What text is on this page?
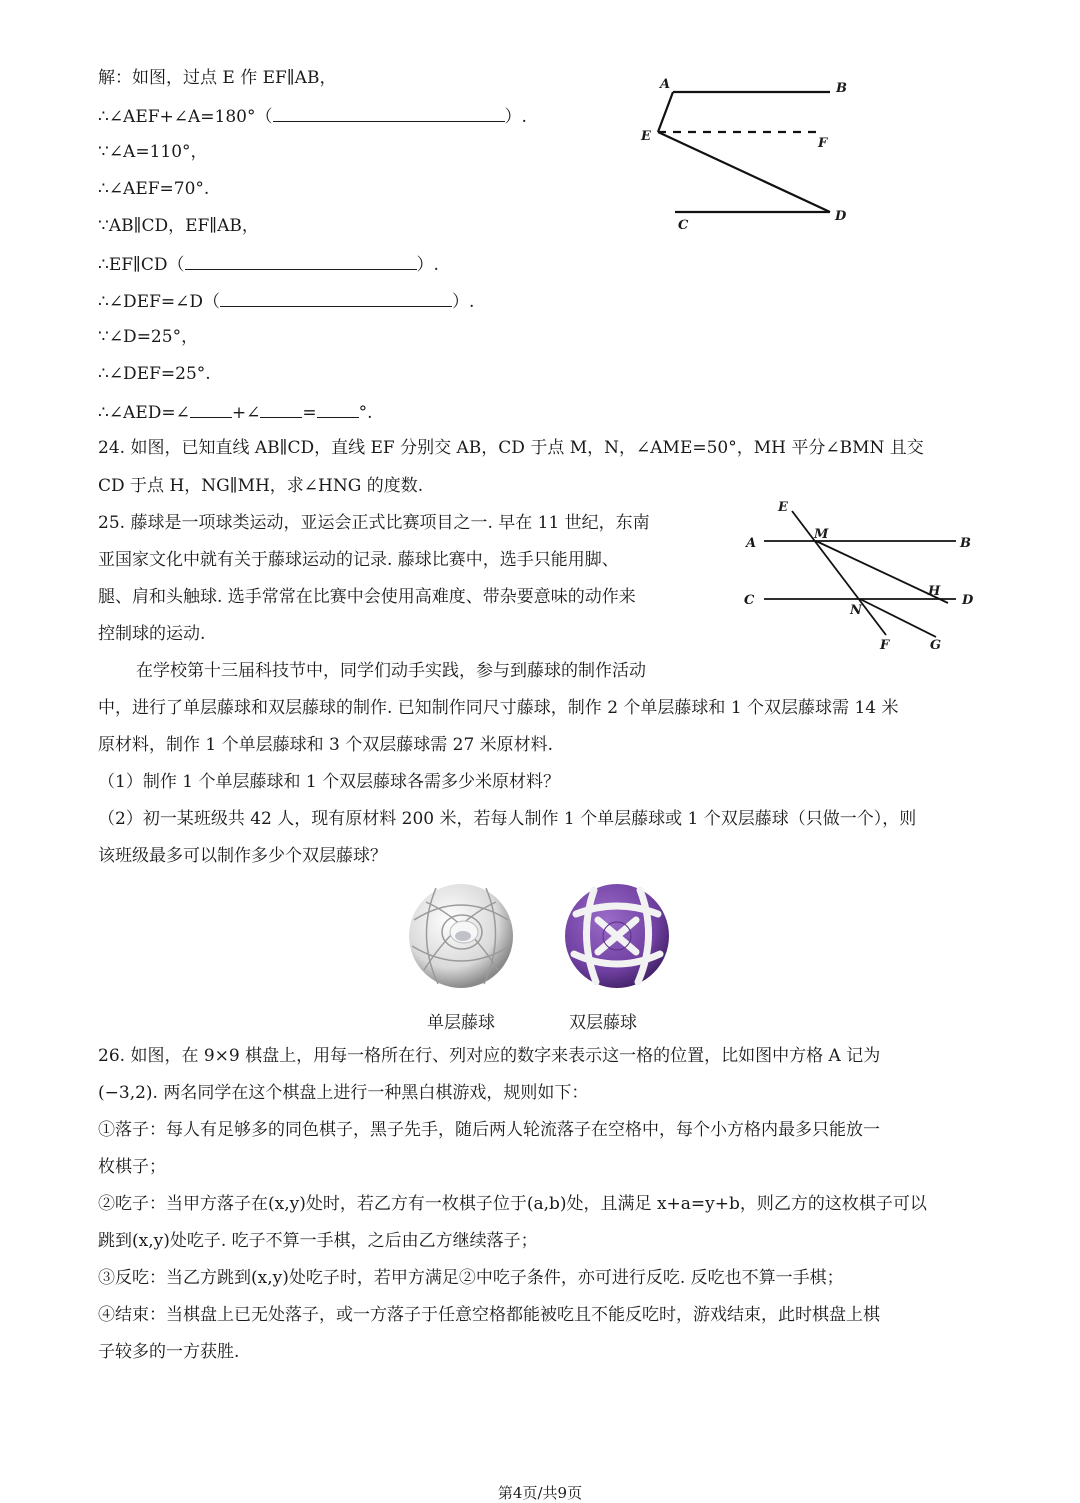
解：如图，过点 E 作 EF∥AB，
∴∠AEF+∠A=180°（	）.
∵∠A=110°，
∴∠AEF=70°.
∵AB∥CD，EF∥AB，
∴EF∥CD（	）.
∴∠DEF=∠D（	）.
∵∠D=25°，
∴∠DEF=25°.
∴∠AED=∠ +∠ = °.
A	B
E	F
C
D
24. 如图，已知直线 AB∥CD，直线 EF 分别交 AB，CD 于点 M，N，∠AME=50°，MH 平分∠BMN 且交
CD 于点 H，NG∥MH，求∠HNG 的度数.
E
A
M
B
C
H
D
N
F	G
25. 藤球是一项球类运动，亚运会正式比赛项目之一. 早在 11 世纪，东南
亚国家文化中就有关于藤球运动的记录. 藤球比赛中，选手只能用脚、
腿、肩和头触球. 选手常常在比赛中会使用高难度、带杂要意味的动作来
控制球的运动.
在学校第十三届科技节中，同学们动手实践，参与到藤球的制作活动
中，进行了单层藤球和双层藤球的制作. 已知制作同尺寸藤球，制作 2 个单层藤球和 1 个双层藤球需 14 米
原材料，制作 1 个单层藤球和 3 个双层藤球需 27 米原材料.
（1）制作 1 个单层藤球和 1 个双层藤球各需多少米原材料？
（2）初一某班级共 42 人，现有原材料 200 米，若每人制作 1 个单层藤球或 1 个双层藤球（只做一个），则
该班级最多可以制作多少个双层藤球？
单层藤球	双层藤球
26. 如图，在 9×9 棋盘上，用每一格所在行、列对应的数字来表示这一格的位置，比如图中方格 A 记为
(−3,2). 两名同学在这个棋盘上进行一种黑白棋游戏，规则如下：
①落子：每人有足够多的同色棋子，黑子先手，随后两人轮流落子在空格中，每个小方格内最多只能放一
枚棋子；
②吃子：当甲方落子在(x,y)处时，若乙方有一枚棋子位于(a,b)处，且满足 x+a=y+b，则乙方的这枚棋子可以
跳到(x,y)处吃子. 吃子不算一手棋，之后由乙方继续落子；
③反吃：当乙方跳到(x,y)处吃子时，若甲方满足②中吃子条件，亦可进行反吃. 反吃也不算一手棋；
④结束：当棋盘上已无处落子，或一方落子于任意空格都能被吃且不能反吃时，游戏结束，此时棋盘上棋
子较多的一方获胜.
第4页/共9页
